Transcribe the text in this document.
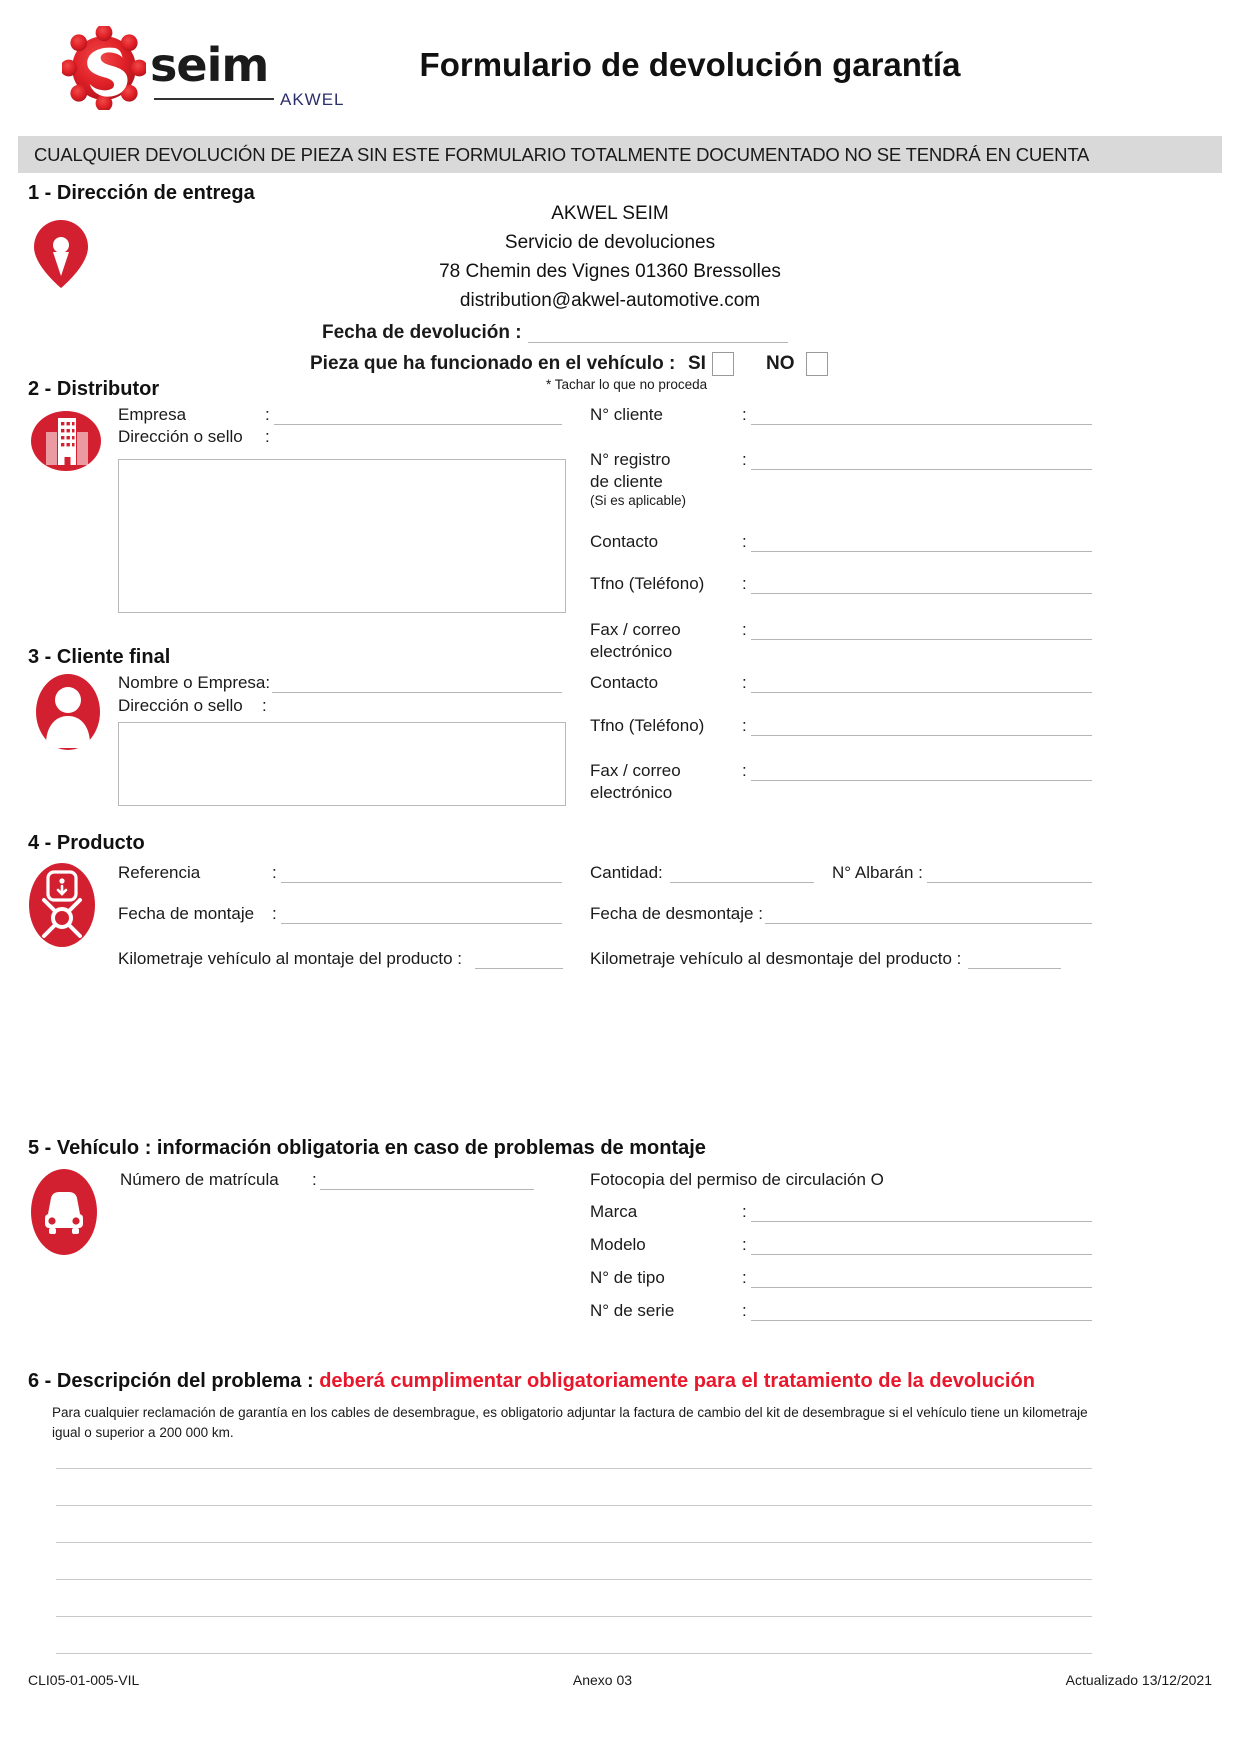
seim
AKWEL
Formulario de devolución garantía
CUALQUIER DEVOLUCIÓN DE PIEZA SIN ESTE FORMULARIO TOTALMENTE DOCUMENTADO NO SE TENDRÁ EN CUENTA
1 - Dirección de entrega
AKWEL SEIM
Servicio de devoluciones
78 Chemin des Vignes 01360 Bressolles
distribution@akwel-automotive.com
Fecha de devolución :
Pieza que ha funcionado en el vehículo : SI	NO
* Tachar lo que no proceda
2 - Distributor
Empresa	:
Dirección o sello :
N° cliente	:
N° registro
de cliente
(Si es aplicable)
:
Contacto	:
Tfno (Teléfono) :
Fax / correo
electrónico
:
3 - Cliente final
Nombre o Empresa:
Dirección o sello :
Contacto	:
Tfno (Teléfono) :
Fax / correo
electrónico
:
4 - Producto
Referencia	:	Cantidad:	N° Albarán :
Fecha de montaje :	Fecha de desmontaje :
Kilometraje vehículo al montaje del producto :	Kilometraje vehículo al desmontaje del producto :
5 - Vehículo : información obligatoria en caso de problemas de montaje
Número de matrícula :	Fotocopia del permiso de circulación O
Marca	:
Modelo	:
N° de tipo	:
N° de serie	:
6 - Descripción del problema : deberá cumplimentar obligatoriamente para el tratamiento de la devolución
Para cualquier reclamación de garantía en los cables de desembrague, es obligatorio adjuntar la factura de cambio del kit de desembrague si el vehículo tiene un kilometraje igual o superior a 200 000 km.
CLI05-01-005-VIL	Anexo 03	Actualizado 13/12/2021
